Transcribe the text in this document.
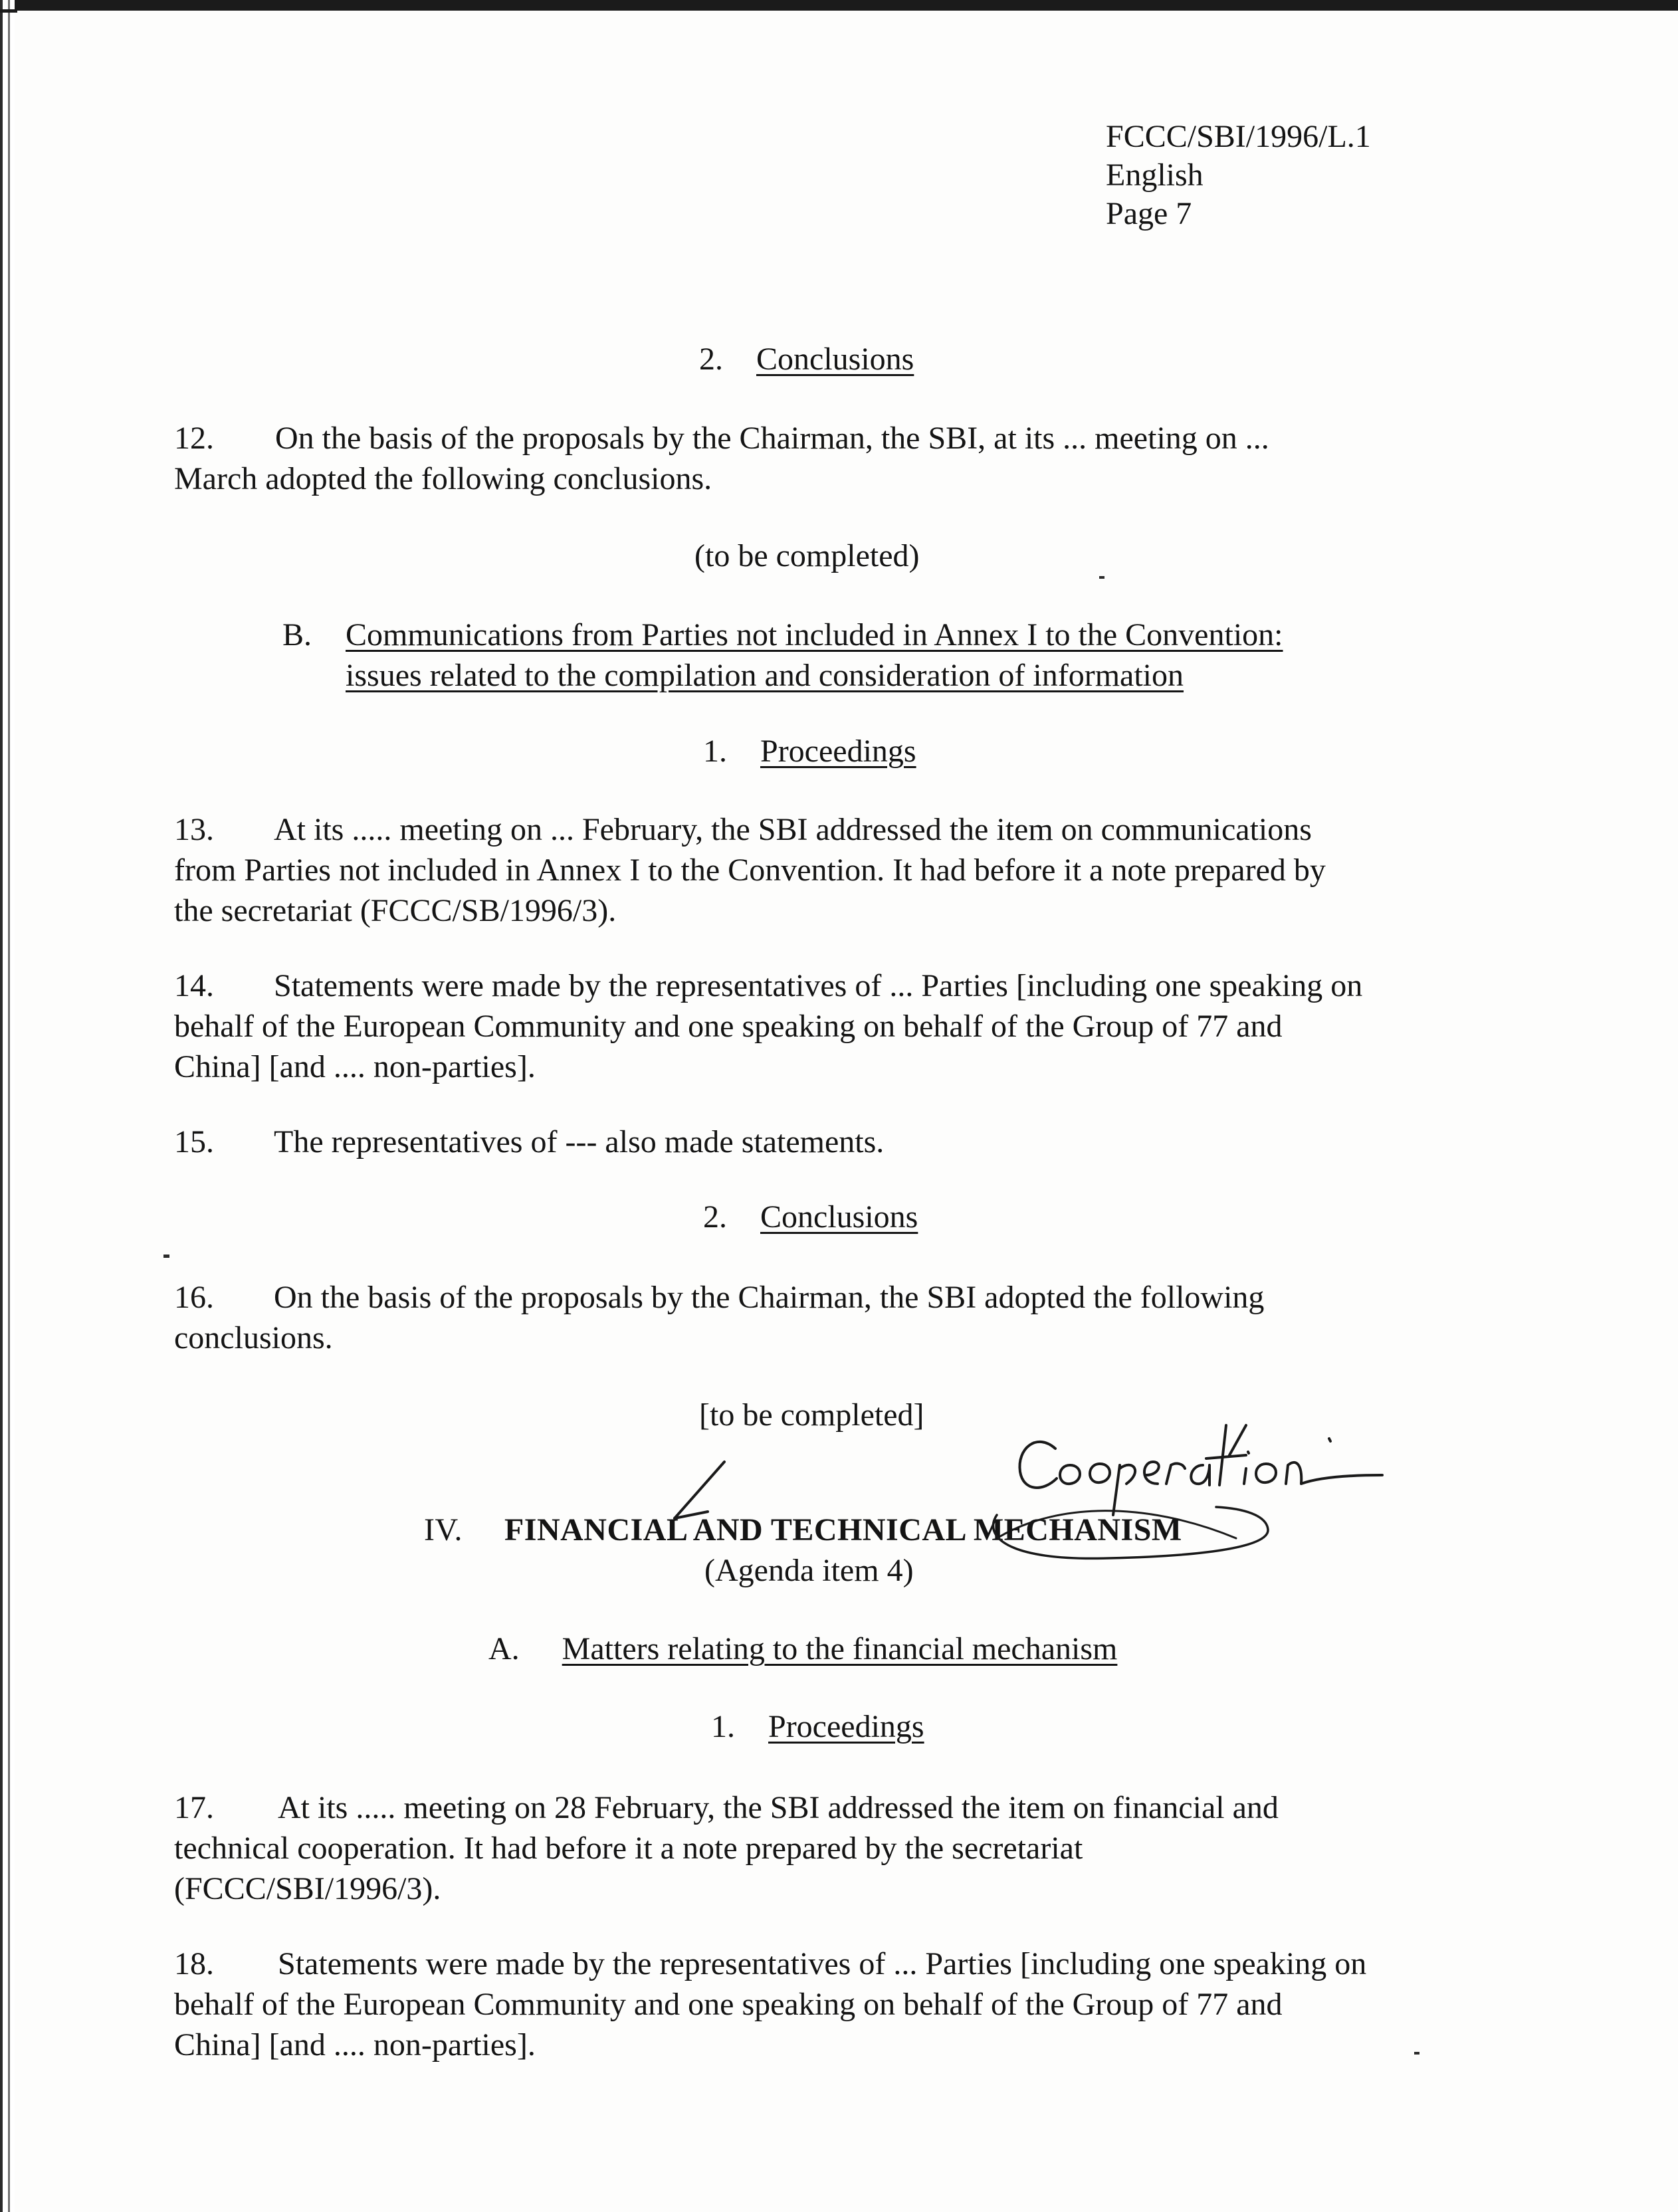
FCCC/SBI/1996/L.1
English
Page 7
2. Conclusions
12.	On the basis of the proposals by the Chairman, the SBI, at its ... meeting on ...
March adopted the following conclusions.
(to be completed)
B. Communications from Parties not included in Annex I to the Convention:
issues related to the compilation and consideration of information
1. Proceedings
13.	At its ..... meeting on ... February, the SBI addressed the item on communications
from Parties not included in Annex I to the Convention. It had before it a note prepared by
the secretariat (FCCC/SB/1996/3).
14.	Statements were made by the representatives of ... Parties [including one speaking on
behalf of the European Community and one speaking on behalf of the Group of 77 and
China] [and .... non-parties].
15.	The representatives of --- also made statements.
2. Conclusions
16.	On the basis of the proposals by the Chairman, the SBI adopted the following
conclusions.
[to be completed]
IV. FINANCIAL AND TECHNICAL MECHANISM
(Agenda item 4)
A. Matters relating to the financial mechanism
1. Proceedings
17.	At its ..... meeting on 28 February, the SBI addressed the item on financial and
technical cooperation. It had before it a note prepared by the secretariat
(FCCC/SBI/1996/3).
18.	Statements were made by the representatives of ... Parties [including one speaking on
behalf of the European Community and one speaking on behalf of the Group of 77 and
China] [and .... non-parties].
